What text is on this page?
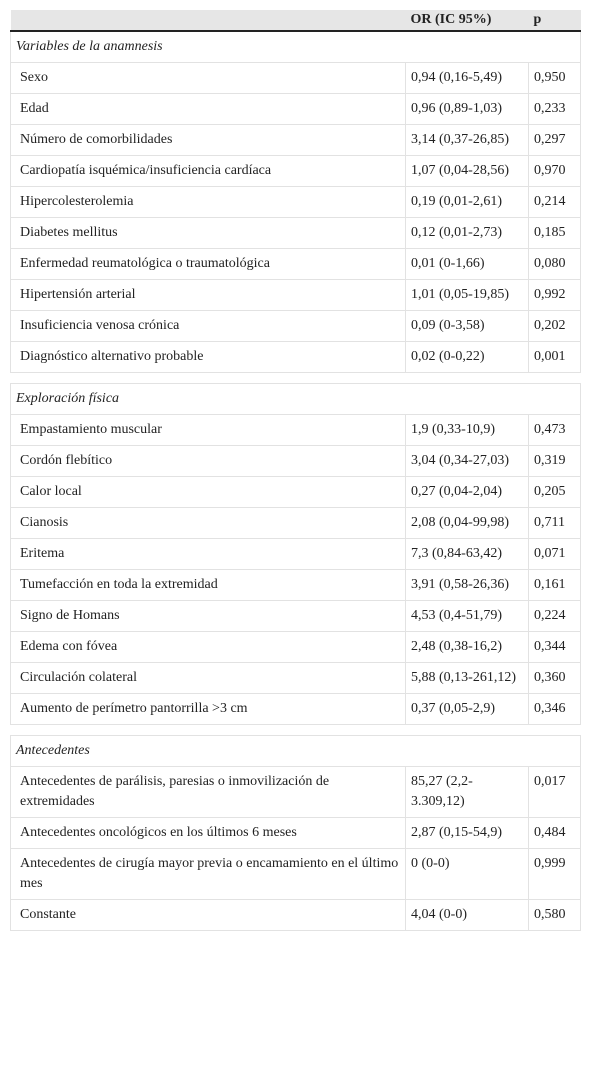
	OR (IC 95%)	p
Variables de la anamnesis		
Sexo	0,94 (0,16-5,49)	0,950
Edad	0,96 (0,89-1,03)	0,233
Número de comorbilidades	3,14 (0,37-26,85)	0,297
Cardiopatía isquémica/insuficiencia cardíaca	1,07 (0,04-28,56)	0,970
Hipercolesterolemia	0,19 (0,01-2,61)	0,214
Diabetes mellitus	0,12 (0,01-2,73)	0,185
Enfermedad reumatológica o traumatológica	0,01 (0-1,66)	0,080
Hipertensión arterial	1,01 (0,05-19,85)	0,992
Insuficiencia venosa crónica	0,09 (0-3,58)	0,202
Diagnóstico alternativo probable	0,02 (0-0,22)	0,001

Exploración física		
Empastamiento muscular	1,9 (0,33-10,9)	0,473
Cordón flebítico	3,04 (0,34-27,03)	0,319
Calor local	0,27 (0,04-2,04)	0,205
Cianosis	2,08 (0,04-99,98)	0,711
Eritema	7,3 (0,84-63,42)	0,071
Tumefacción en toda la extremidad	3,91 (0,58-26,36)	0,161
Signo de Homans	4,53 (0,4-51,79)	0,224
Edema con fóvea	2,48 (0,38-16,2)	0,344
Circulación colateral	5,88 (0,13-261,12)	0,360
Aumento de perímetro pantorrilla >3 cm	0,37 (0,05-2,9)	0,346

Antecedentes		
Antecedentes de parálisis, paresias o inmovilización de extremidades	85,27 (2,2-3.309,12)	0,017
Antecedentes oncológicos en los últimos 6 meses	2,87 (0,15-54,9)	0,484
Antecedentes de cirugía mayor previa o encamamiento en el último mes	0 (0-0)	0,999
Constante	4,04 (0-0)	0,580
